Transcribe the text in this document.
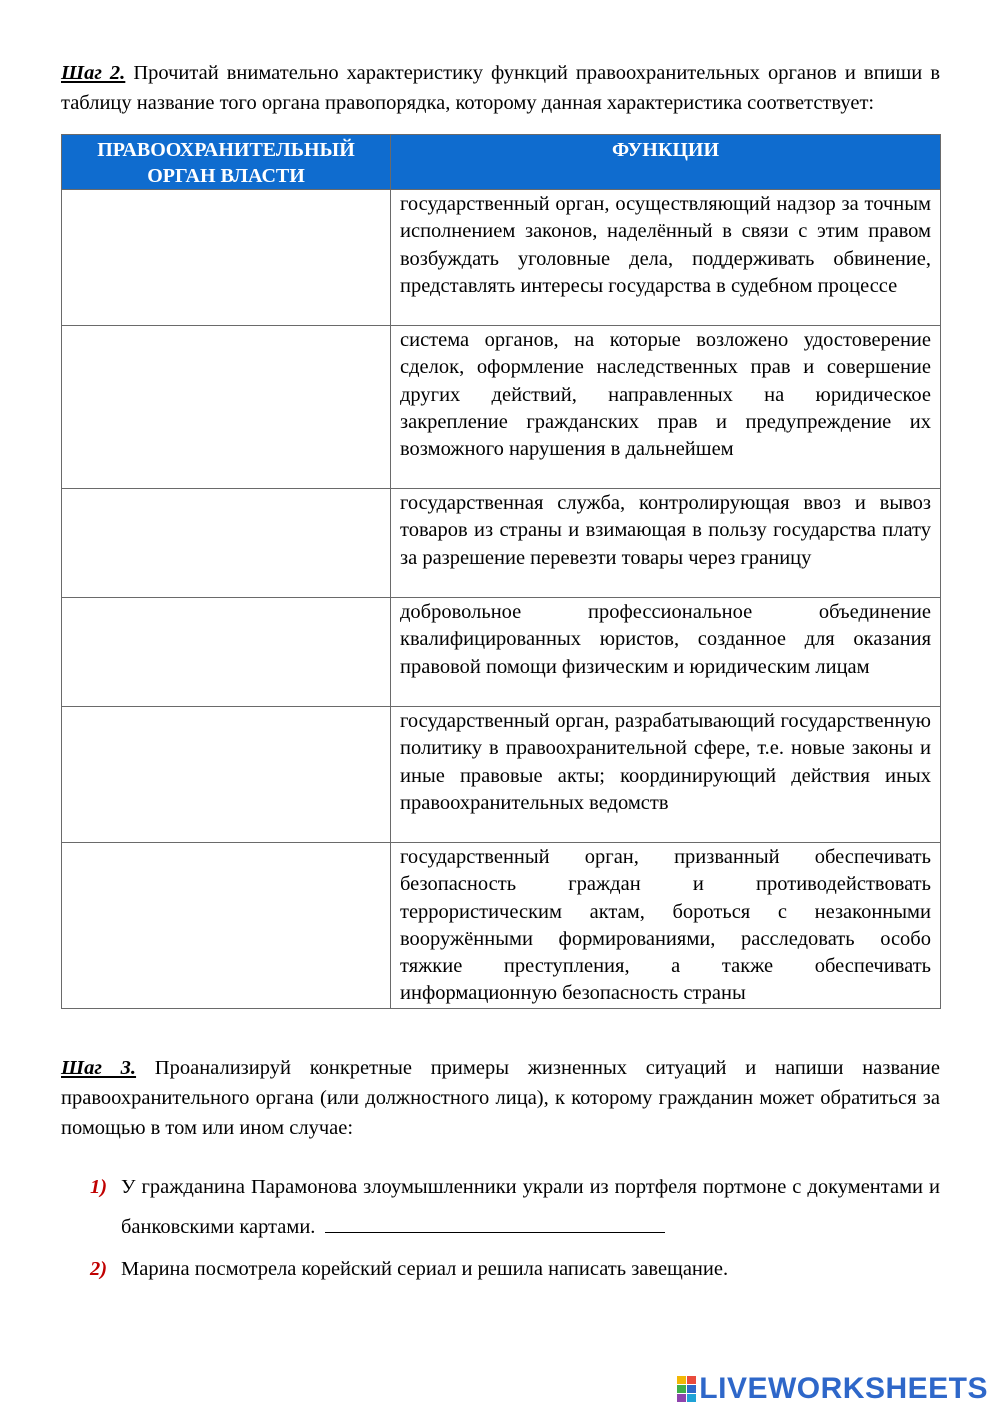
Шаг 2. Прочитай внимательно характеристику функций правоохранительных органов и впиши в таблицу название того органа правопорядка, которому данная характеристика соответствует:

ПРАВООХРАНИТЕЛЬНЫЙ ОРГАН ВЛАСТИ	ФУНКЦИИ

	государственный орган, осуществляющий надзор за точным исполнением законов, наделённый в связи с этим правом возбуждать уголовные дела, поддерживать обвинение, представлять интересы государства в судебном процессе

	система органов, на которые возложено удостоверение сделок, оформление наследственных прав и совершение других действий, направленных на юридическое закрепление гражданских прав и предупреждение их возможного нарушения в дальнейшем

	государственная служба, контролирующая ввоз и вывоз товаров из страны и взимающая в пользу государства плату за разрешение перевезти товары через границу

	добровольное профессиональное объединение квалифицированных юристов, созданное для оказания правовой помощи физическим и юридическим лицам

	государственный орган, разрабатывающий государственную политику в правоохранительной сфере, т.е. новые законы и иные правовые акты; координирующий действия иных правоохранительных ведомств

	государственный орган, призванный обеспечивать безопасность граждан и противодействовать террористическим актам, бороться с незаконными вооружёнными формированиями, расследовать особо тяжкие преступления, а также обеспечивать информационную безопасность страны

Шаг 3. Проанализируй конкретные примеры жизненных ситуаций и напиши название правоохранительного органа (или должностного лица), к которому гражданин может обратиться за помощью в том или ином случае:

1) У гражданина Парамонова злоумышленники украли из портфеля портмоне с документами и банковскими картами.
2) Марина посмотрела корейский сериал и решила написать завещание.
LIVEWORKSHEETS
